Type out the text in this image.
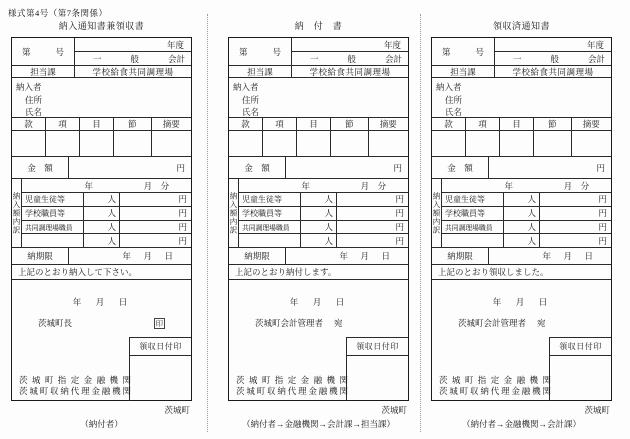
様式第4号（第7条関係）
納入通知書兼領収書
第	号
年度
一	般	会計
担当課	学校給食共同調理場
納入者
住所
氏名
款	項	目	節	摘要
金　額	円
納入額内訳
年	月　分
児童生徒等	人	円
学校職員等	人	円
共同調理場職員	人	円
人	円
納期限	年　月　日
上記のとおり納入して下さい。
年　月　日
茨城町長	印
領収日付印
茨城町指定金融機関
茨城町収納代理金融機関
茨城町
（納付者）
納　付　書
第	号
年度
一	般	会計
担当課	学校給食共同調理場
納入者
住所
氏名
款	項	目	節	摘要
金　額	円
納入額内訳
年	月　分
児童生徒等	人	円
学校職員等	人	円
共同調理場職員	人	円
人	円
納期限	年　月　日
上記のとおり納付します。
年　月　日
茨城町会計管理者 宛
領収日付印
茨城町指定金融機関
茨城町収納代理金融機関
茨城町
（納付者→金融機関→会計課→担当課）
領収済通知書
第	号
年度
一	般	会計
担当課	学校給食共同調理場
納入者
住所
氏名
款	項	目	節	摘要
金　額	円
納入額内訳
年	月　分
児童生徒等	人	円
学校職員等	人	円
共同調理場職員	人	円
人	円
納期限	年　月　日
上記のとおり領収しました。
年　月　日
茨城町会計管理者 宛
領収日付印
茨城町指定金融機関
茨城町収納代理金融機関
茨城町
（納付者→金融機関→会計課）
